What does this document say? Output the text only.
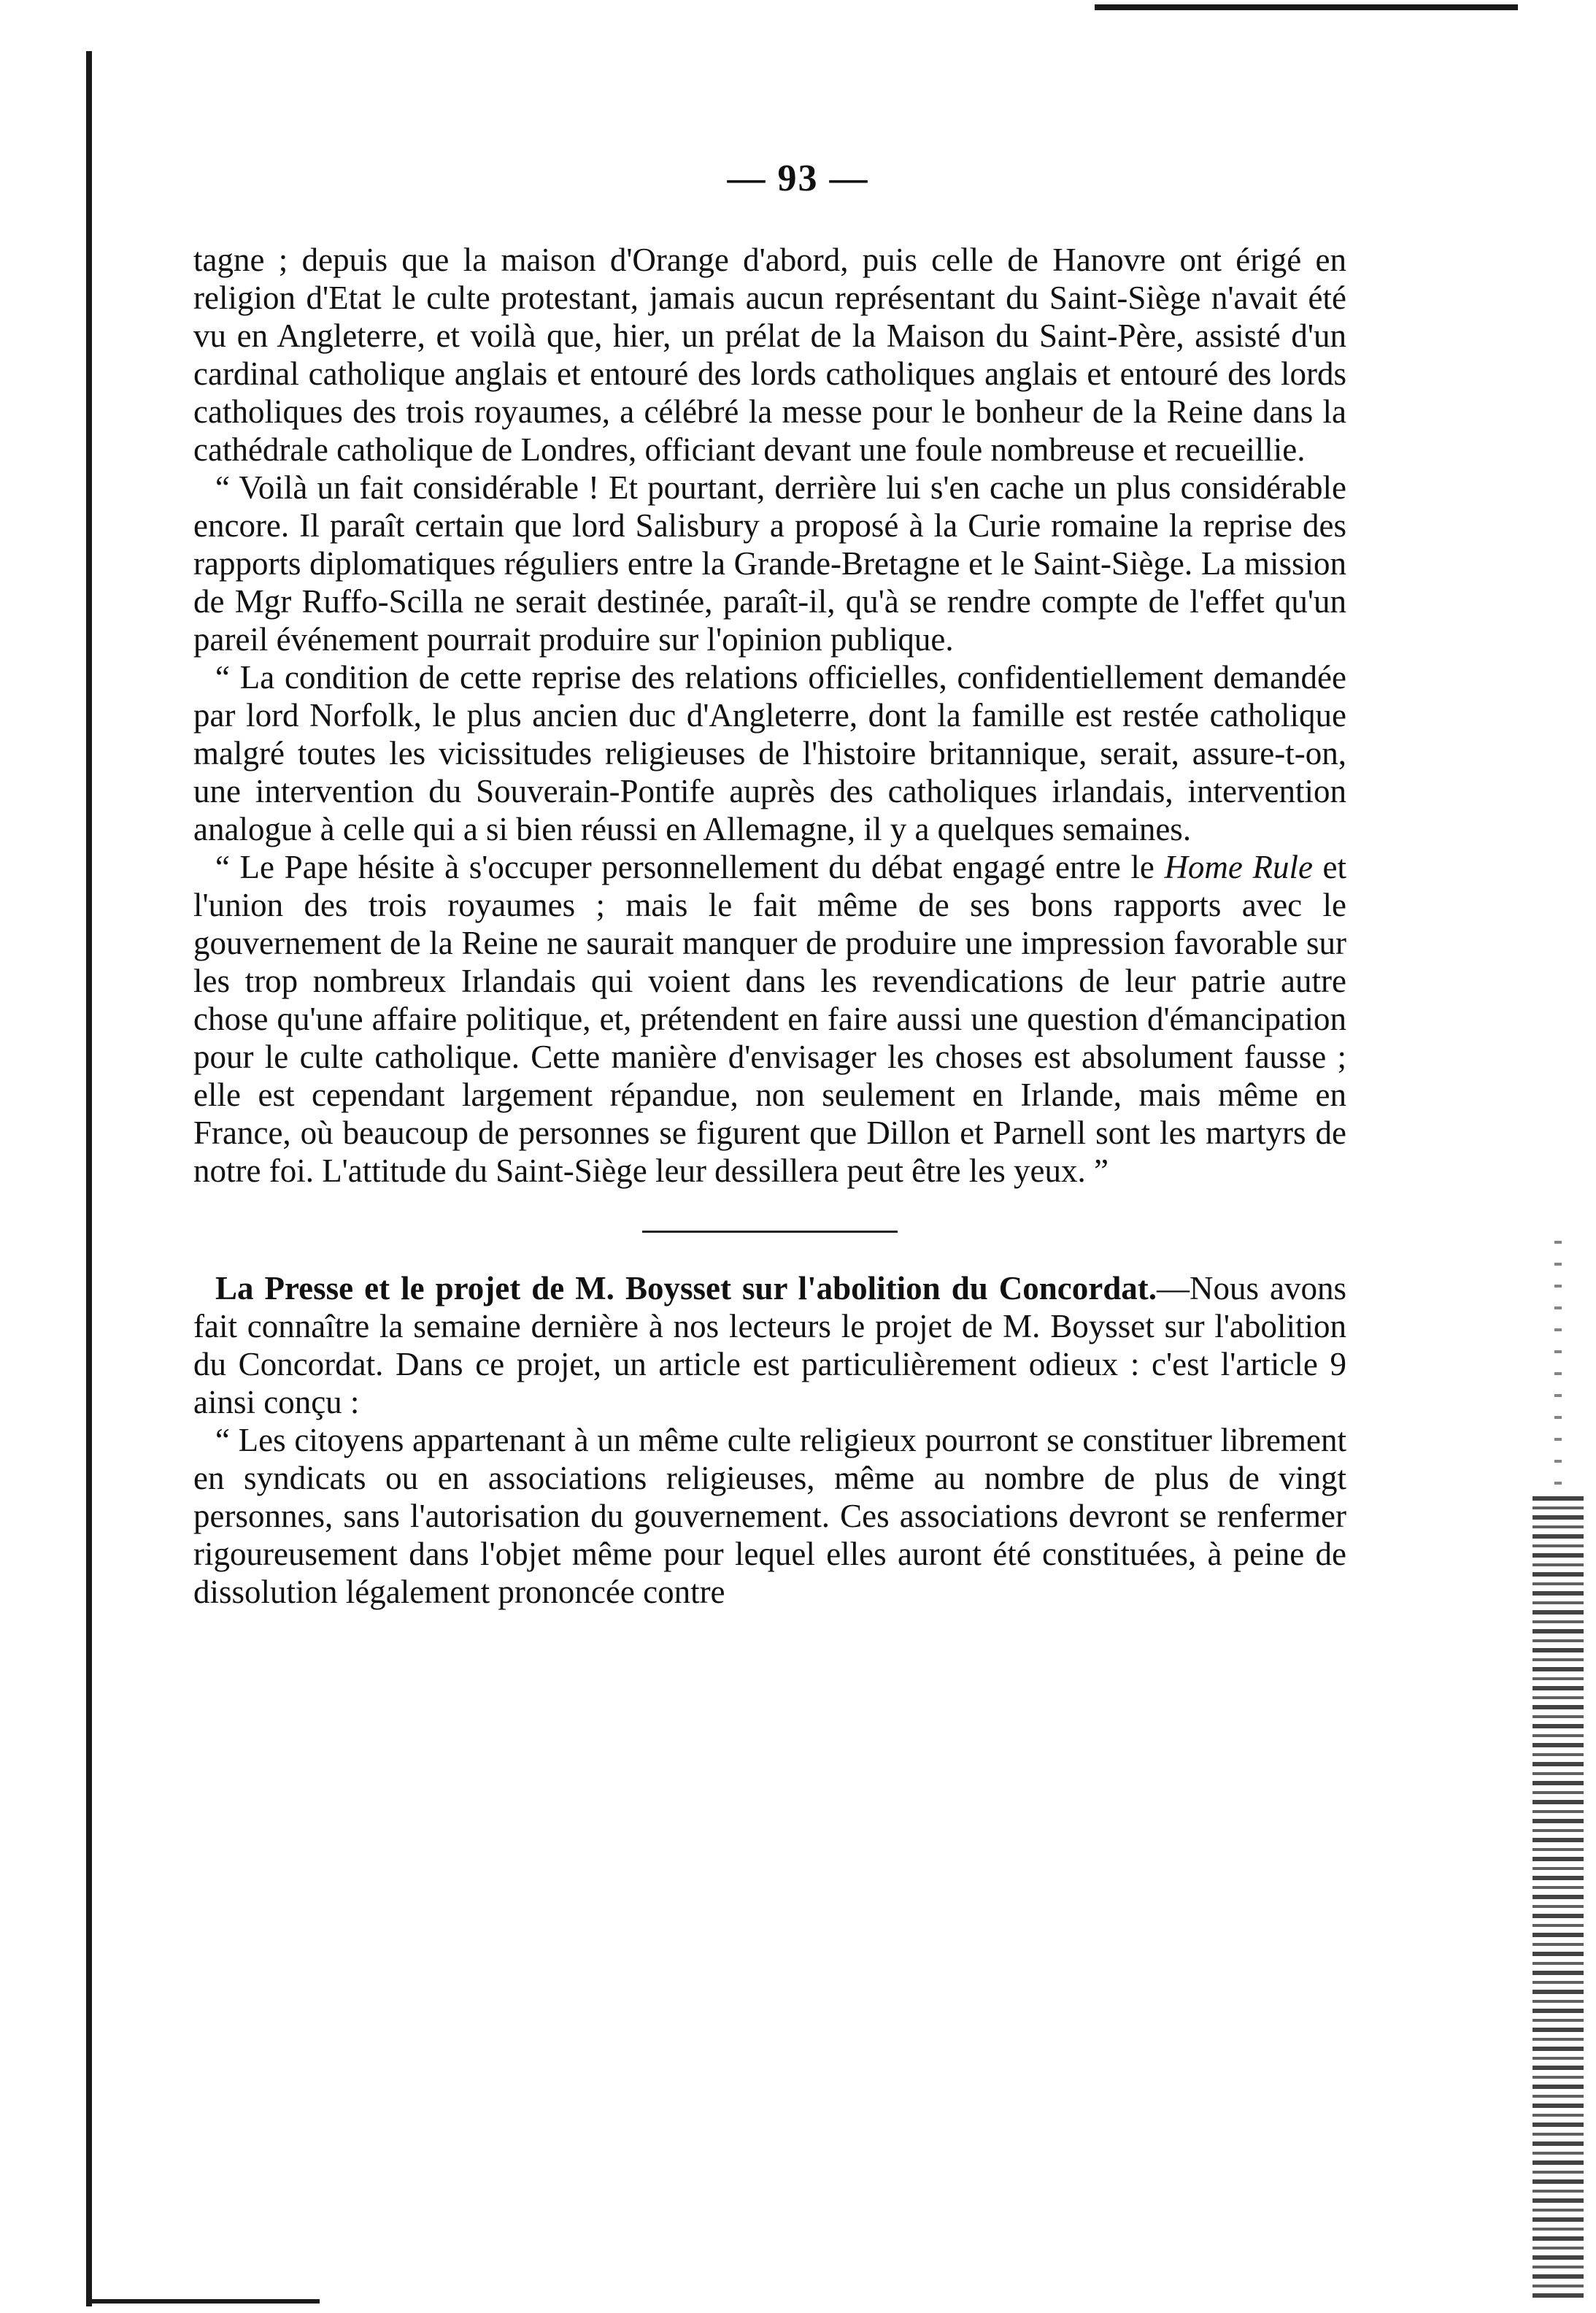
— 93 —

tagne ; depuis que la maison d'Orange d'abord, puis celle de Hanovre ont érigé en religion d'Etat le culte protestant, jamais aucun représentant du Saint-Siège n'avait été vu en Angleterre, et voilà que, hier, un prélat de la Maison du Saint-Père, assisté d'un cardinal catholique anglais et entouré des lords catholiques anglais et entouré des lords catholiques des trois royaumes, a célébré la messe pour le bonheur de la Reine dans la cathédrale catholique de Londres, officiant devant une foule nombreuse et recueillie.

“ Voilà un fait considérable ! Et pourtant, derrière lui s'en cache un plus considérable encore. Il paraît certain que lord Salisbury a proposé à la Curie romaine la reprise des rapports diplomatiques réguliers entre la Grande-Bretagne et le Saint-Siège. La mission de Mgr Ruffo-Scilla ne serait destinée, paraît-il, qu'à se rendre compte de l'effet qu'un pareil événement pourrait produire sur l'opinion publique.

“ La condition de cette reprise des relations officielles, confidentiellement demandée par lord Norfolk, le plus ancien duc d'Angleterre, dont la famille est restée catholique malgré toutes les vicissitudes religieuses de l'histoire britannique, serait, assure-t-on, une intervention du Souverain-Pontife auprès des catholiques irlandais, intervention analogue à celle qui a si bien réussi en Allemagne, il y a quelques semaines.

“ Le Pape hésite à s'occuper personnellement du débat engagé entre le Home Rule et l'union des trois royaumes ; mais le fait même de ses bons rapports avec le gouvernement de la Reine ne saurait manquer de produire une impression favorable sur les trop nombreux Irlandais qui voient dans les revendications de leur patrie autre chose qu'une affaire politique, et, prétendent en faire aussi une question d'émancipation pour le culte catholique. Cette manière d'envisager les choses est absolument fausse ; elle est cependant largement répandue, non seulement en Irlande, mais même en France, où beaucoup de personnes se figurent que Dillon et Parnell sont les martyrs de notre foi. L'attitude du Saint-Siège leur dessillera peut être les yeux. ”

La Presse et le projet de M. Boysset sur l'abolition du Concordat.—Nous avons fait connaître la semaine dernière à nos lecteurs le projet de M. Boysset sur l'abolition du Concordat. Dans ce projet, un article est particulièrement odieux : c'est l'article 9 ainsi conçu :

“ Les citoyens appartenant à un même culte religieux pourront se constituer librement en syndicats ou en associations religieuses, même au nombre de plus de vingt personnes, sans l'autorisation du gouvernement. Ces associations devront se renfermer rigoureusement dans l'objet même pour lequel elles auront été constituées, à peine de dissolution légalement prononcée contre
